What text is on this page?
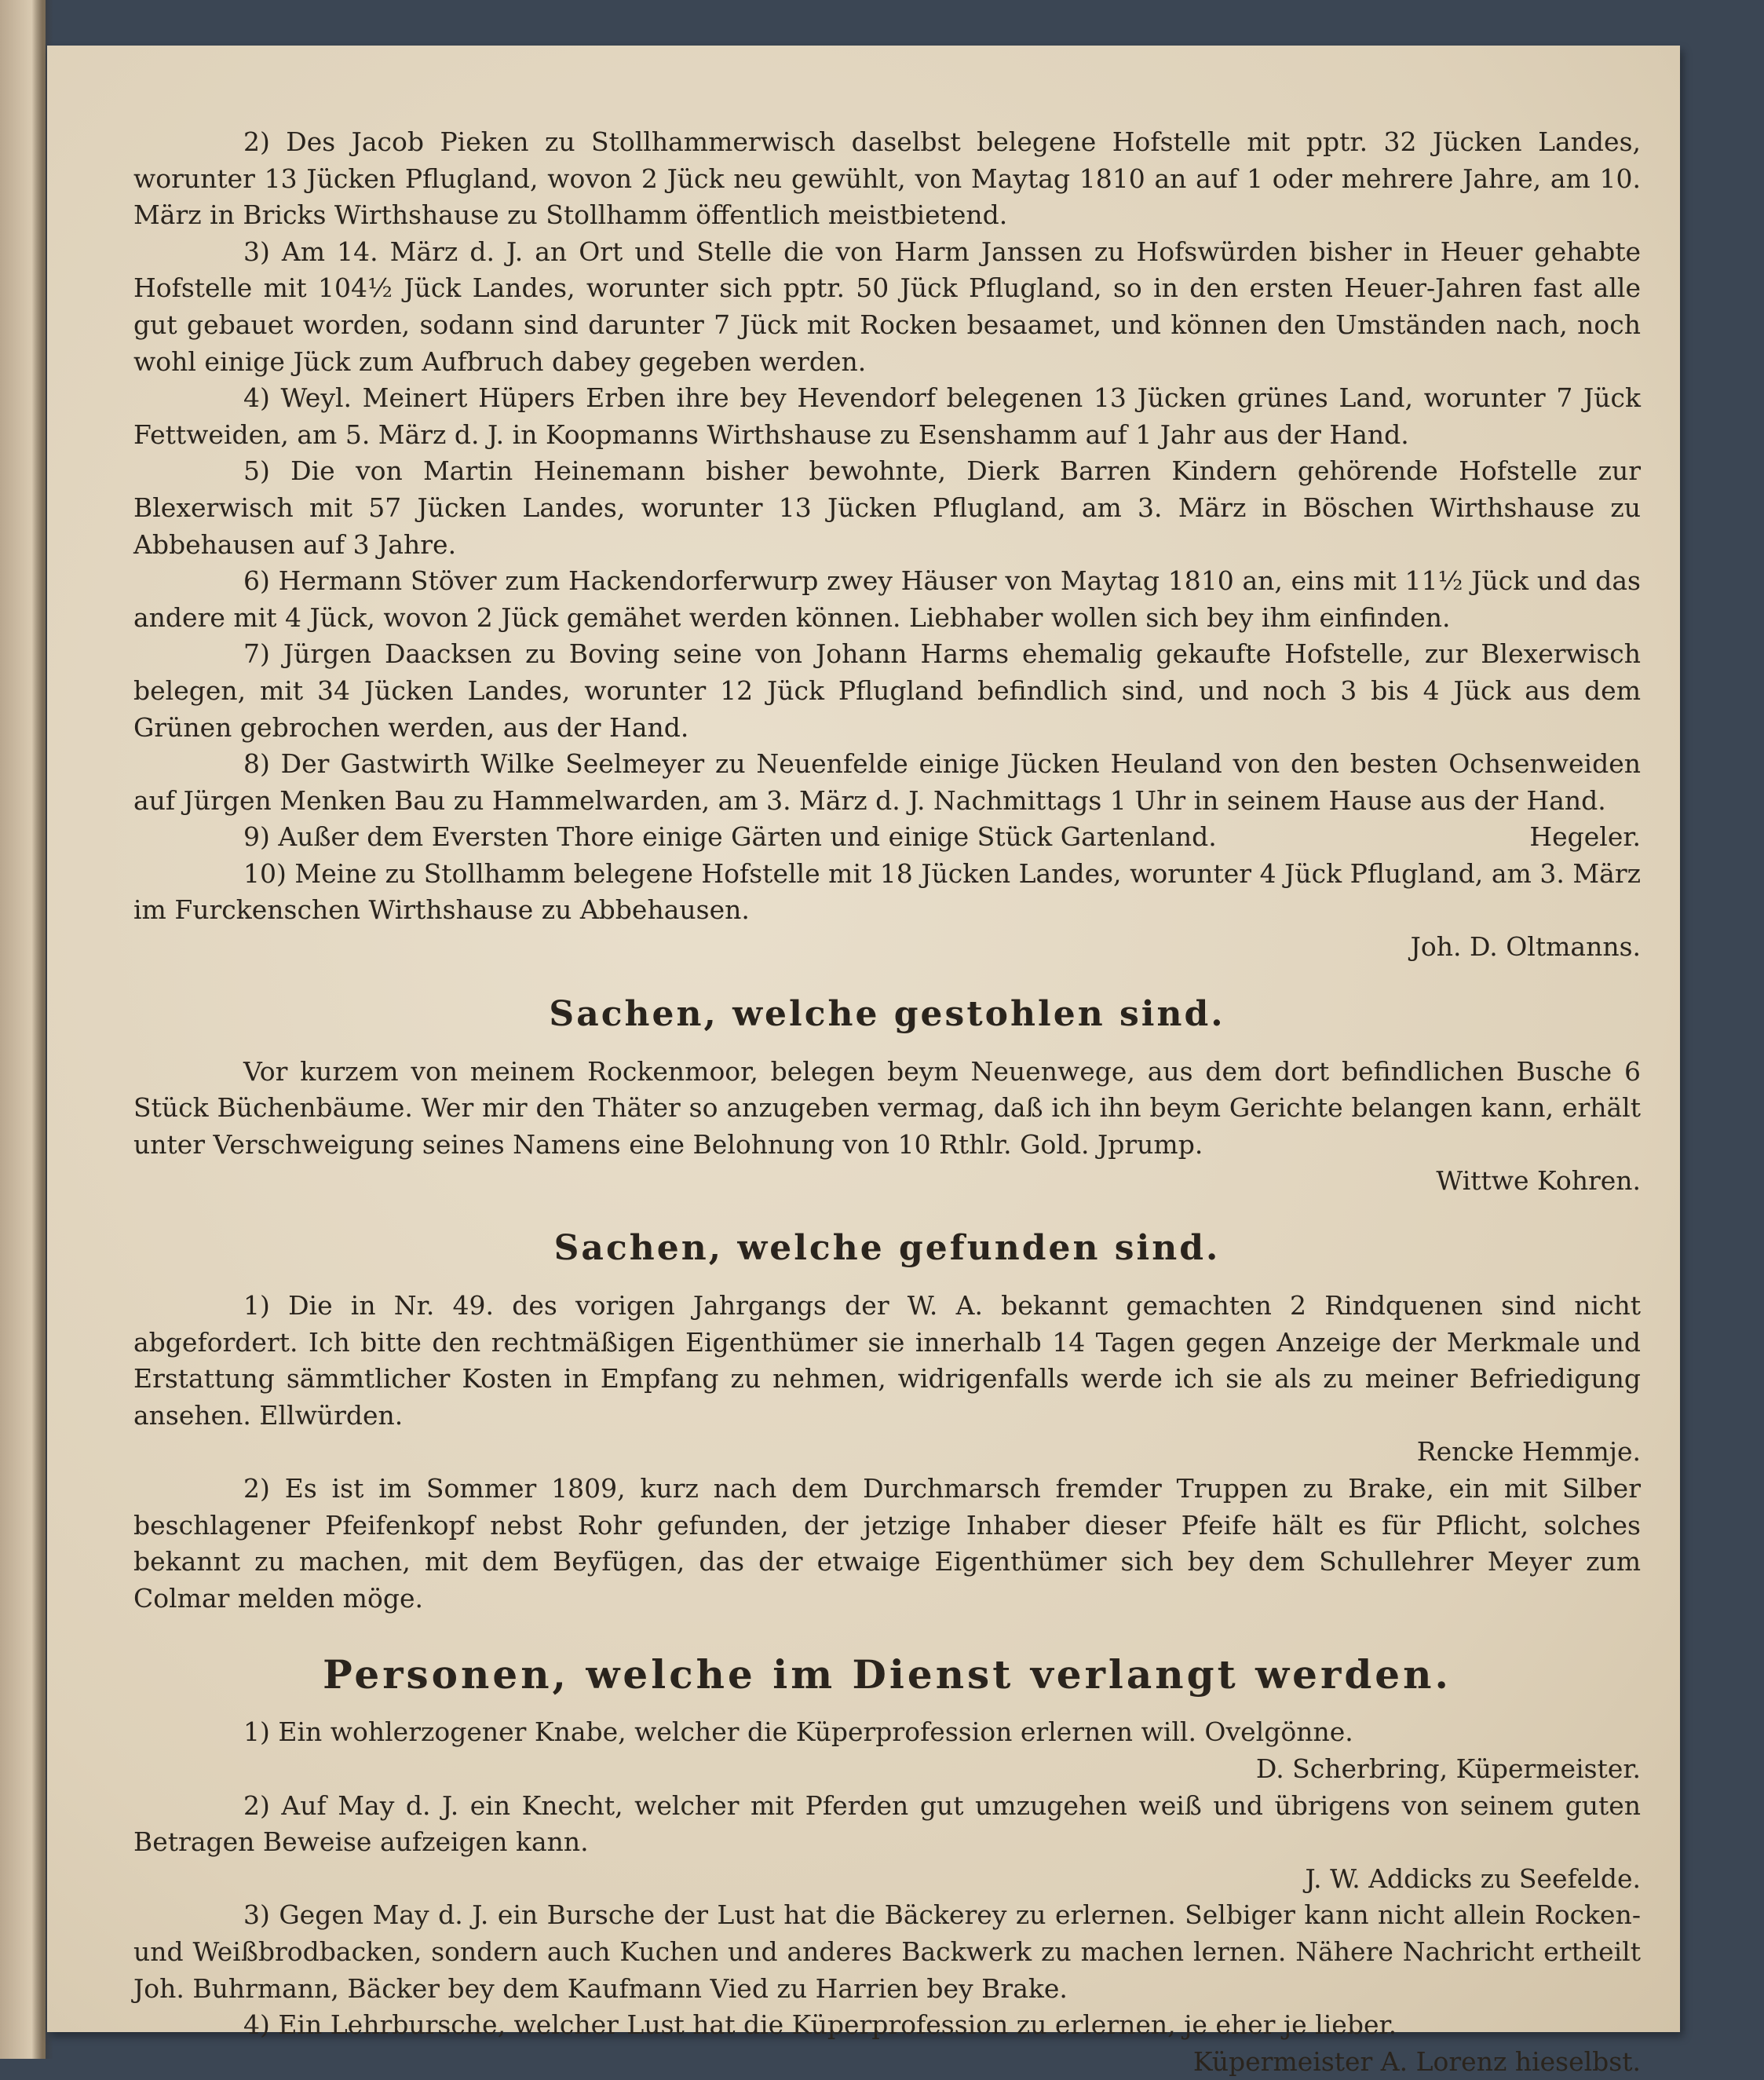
2) Des Jacob Pieken zu Stollhammerwisch daselbst belegene Hofstelle mit pptr. 32 Jücken Landes, worunter 13 Jücken Pflugland, wovon 2 Jück neu gewühlt, von Maytag 1810 an auf 1 oder mehrere Jahre, am 10. März in Bricks Wirthshause zu Stollhamm öffentlich meistbietend.

3) Am 14. März d. J. an Ort und Stelle die von Harm Janssen zu Hofswürden bisher in Heuer gehabte Hofstelle mit 104½ Jück Landes, worunter sich pptr. 50 Jück Pflugland, so in den ersten Heuer-Jahren fast alle gut gebauet worden, sodann sind darunter 7 Jück mit Rocken besaamet, und können den Umständen nach, noch wohl einige Jück zum Aufbruch dabey gegeben werden.

4) Weyl. Meinert Hüpers Erben ihre bey Hevendorf belegenen 13 Jücken grünes Land, worunter 7 Jück Fettweiden, am 5. März d. J. in Koopmanns Wirthshause zu Esenshamm auf 1 Jahr aus der Hand.

5) Die von Martin Heinemann bisher bewohnte, Dierk Barren Kindern gehörende Hofstelle zur Blexerwisch mit 57 Jücken Landes, worunter 13 Jücken Pflugland, am 3. März in Böschen Wirthshause zu Abbehausen auf 3 Jahre.

6) Hermann Stöver zum Hackendorferwurp zwey Häuser von Maytag 1810 an, eins mit 11½ Jück und das andere mit 4 Jück, wovon 2 Jück gemähet werden können. Liebhaber wollen sich bey ihm einfinden.

7) Jürgen Daacksen zu Boving seine von Johann Harms ehemalig gekaufte Hofstelle, zur Blexerwisch belegen, mit 34 Jücken Landes, worunter 12 Jück Pflugland befindlich sind, und noch 3 bis 4 Jück aus dem Grünen gebrochen werden, aus der Hand.

8) Der Gastwirth Wilke Seelmeyer zu Neuenfelde einige Jücken Heuland von den besten Ochsenweiden auf Jürgen Menken Bau zu Hammelwarden, am 3. März d. J. Nachmittags 1 Uhr in seinem Hause aus der Hand.

9) Außer dem Eversten Thore einige Gärten und einige Stück Gartenland.	Hegeler.

10) Meine zu Stollhamm belegene Hofstelle mit 18 Jücken Landes, worunter 4 Jück Pflugland, am 3. März im Furckenschen Wirthshause zu Abbehausen.

Joh. D. Oltmanns.

Sachen, welche gestohlen sind.

Vor kurzem von meinem Rockenmoor, belegen beym Neuenwege, aus dem dort befindlichen Busche 6 Stück Büchenbäume. Wer mir den Thäter so anzugeben vermag, daß ich ihn beym Gerichte belangen kann, erhält unter Verschweigung seines Namens eine Belohnung von 10 Rthlr. Gold. Jprump.

Wittwe Kohren.

Sachen, welche gefunden sind.

1) Die in Nr. 49. des vorigen Jahrgangs der W. A. bekannt gemachten 2 Rindquenen sind nicht abgefordert. Ich bitte den rechtmäßigen Eigenthümer sie innerhalb 14 Tagen gegen Anzeige der Merkmale und Erstattung sämmtlicher Kosten in Empfang zu nehmen, widrigenfalls werde ich sie als zu meiner Befriedigung ansehen. Ellwürden.

Rencke Hemmje.

2) Es ist im Sommer 1809, kurz nach dem Durchmarsch fremder Truppen zu Brake, ein mit Silber beschlagener Pfeifenkopf nebst Rohr gefunden, der jetzige Inhaber dieser Pfeife hält es für Pflicht, solches bekannt zu machen, mit dem Beyfügen, das der etwaige Eigenthümer sich bey dem Schullehrer Meyer zum Colmar melden möge.

Personen, welche im Dienst verlangt werden.

1) Ein wohlerzogener Knabe, welcher die Küperprofession erlernen will. Ovelgönne.

D. Scherbring, Küpermeister.

2) Auf May d. J. ein Knecht, welcher mit Pferden gut umzugehen weiß und übrigens von seinem guten Betragen Beweise aufzeigen kann.

J. W. Addicks zu Seefelde.

3) Gegen May d. J. ein Bursche der Lust hat die Bäckerey zu erlernen. Selbiger kann nicht allein Rocken- und Weißbrodbacken, sondern auch Kuchen und anderes Backwerk zu machen lernen. Nähere Nachricht ertheilt Joh. Buhrmann, Bäcker bey dem Kaufmann Vied zu Harrien bey Brake.

4) Ein Lehrbursche, welcher Lust hat die Küperprofession zu erlernen, je eher je lieber.

Küpermeister A. Lorenz hieselbst.
